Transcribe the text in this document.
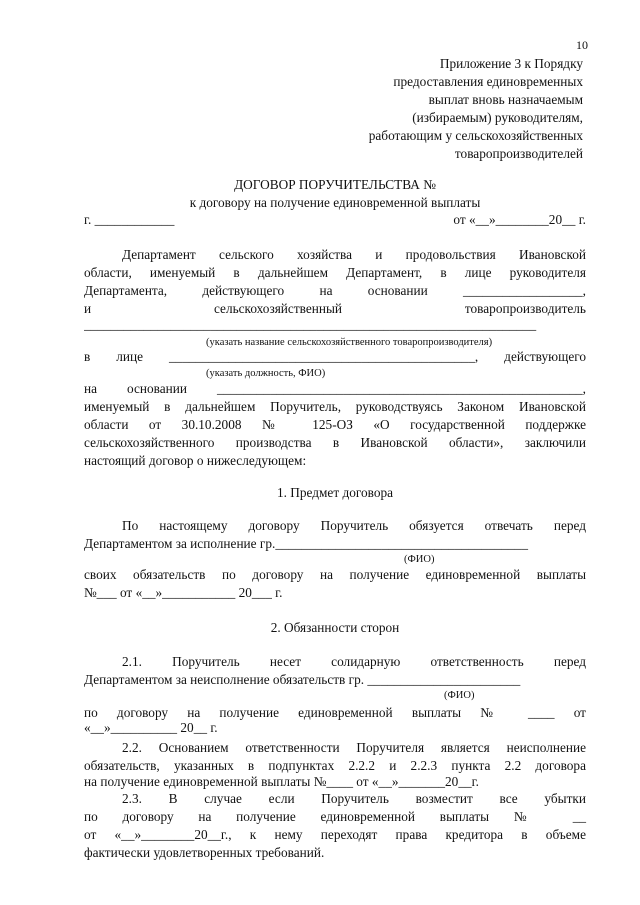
10
Приложение 3 к Порядку
предоставления единовременных
выплат вновь назначаемым
(избираемым) руководителям,
работающим у сельскохозяйственных
товаропроизводителей
ДОГОВОР ПОРУЧИТЕЛЬСТВА №
к договору на получение единовременной выплаты
г. ____________	от «__»________20__ г.
Департамент сельского хозяйства и продовольствия Ивановской
области, именуемый в дальнейшем Департамент, в лице руководителя
Департамента, действующего на основании __________________,
и сельскохозяйственный товаропроизводитель
____________________________________________________________________
(указать название сельскохозяйственного товаропроизводителя)
в лице ______________________________________________, действующего
(указать должность, ФИО)
на основании _______________________________________________________,
именуемый в дальнейшем Поручитель, руководствуясь Законом Ивановской
области от 30.10.2008 № 125-ОЗ «О государственной поддержке
сельскохозяйственного производства в Ивановской области», заключили
настоящий договор о нижеследующем:
1. Предмет договора
По настоящему договору Поручитель обязуется отвечать перед
Департаментом за исполнение гр.______________________________________
(ФИО)
своих обязательств по договору на получение единовременной выплаты
№___ от «__»___________ 20___ г.
2. Обязанности сторон
2.1. Поручитель несет солидарную ответственность перед
Департаментом за неисполнение обязательств гр. _______________________
(ФИО)
по договору на получение единовременной выплаты № ____ от
«__»__________ 20__ г.
2.2. Основанием ответственности Поручителя является неисполнение
обязательств, указанных в подпунктах 2.2.2 и 2.2.3 пункта 2.2 договора
на получение единовременной выплаты №____ от «__»_______20__г.
2.3. В случае если Поручитель возместит все убытки
по договору на получение единовременной выплаты № __
от «__»________20__г., к нему переходят права кредитора в объеме
фактически удовлетворенных требований.
